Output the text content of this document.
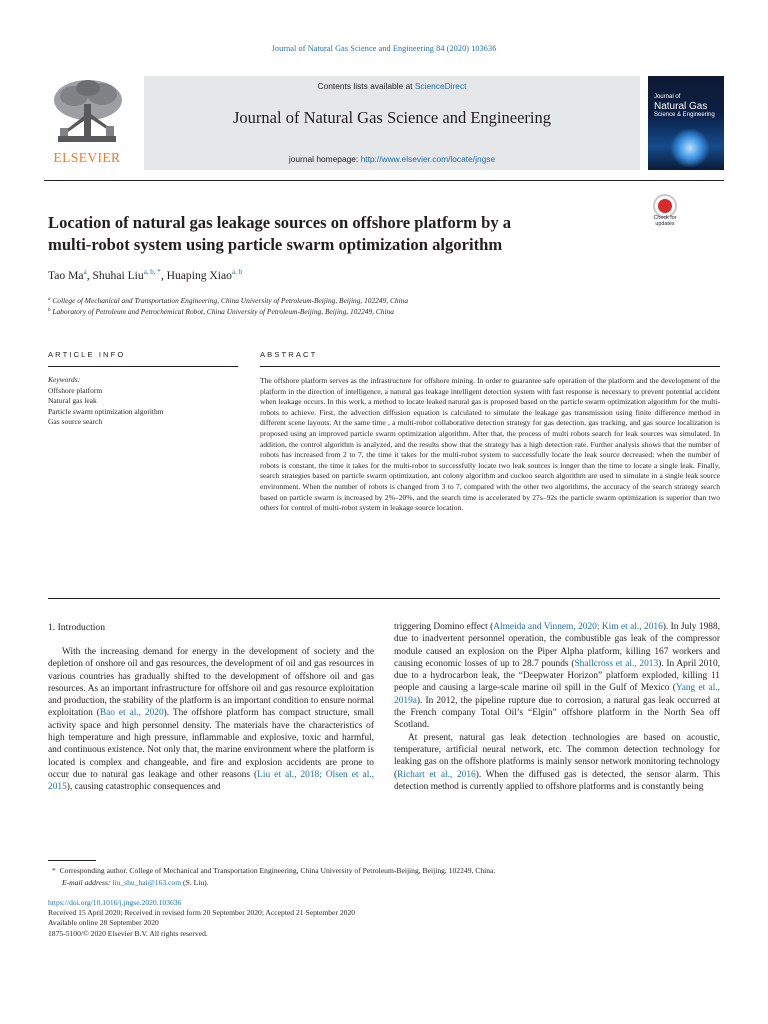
Journal of Natural Gas Science and Engineering 84 (2020) 103636
ELSEVIER
Contents lists available at ScienceDirect
Journal of Natural Gas Science and Engineering
journal homepage: http://www.elsevier.com/locate/jngse
Journal of
Natural Gas
Science & Engineering
Location of natural gas leakage sources on offshore platform by a
multi-robot system using particle swarm optimization algorithm
Check for
updates
Tao Ma$^a$, Shuhai Liu$^{a, b, *}$, Huaping Xiao$^{a, b}$
$^a$ College of Mechanical and Transportation Engineering, China University of Petroleum-Beijing, Beijing, 102249, China
$^b$ Laboratory of Petroleum and Petrochemical Robot, China University of Petroleum-Beijing, Beijing, 102249, China
ARTICLE INFO	ABSTRACT
Keywords:
Offshore platform
Natural gas leak
Particle swarm optimization algorithm
Gas source search
The offshore platform serves as the infrastructure for offshore mining. In order to guarantee safe operation of the platform and the development of the platform in the direction of intelligence, a natural gas leakage intelligent detection system with fast response is necessary to prevent potential accident when leakage occurs. In this work, a method to locate leaked natural gas is proposed based on the particle swarm optimization algorithm for the multi-robots to achieve. First, the advection diffusion equation is calculated to simulate the leakage gas transmission using finite difference method in different scene layouts. At the same time , a multi-robot collaborative detection strategy for gas detection, gas tracking, and gas source localization is proposed using an improved particle swarm optimization algorithm. After that, the process of multi robots search for leak sources was simulated. In addition, the control algorithm is analyzed, and the results show that the strategy has a high detection rate. Further analysis shows that the number of robots has increased from 2 to 7, the time it takes for the multi-robot system to successfully locate the leak source decreased; when the number of robots is constant, the time it takes for the multi-robot to successfully locate two leak sources is longer than the time to locate a single leak. Finally, search strategies based on particle swarm optimization, ant colony algorithm and cuckoo search algorithm are used to simulate in a single leak source environment. When the number of robots is changed from 3 to 7, compared with the other two algorithms, the accuracy of the search strategy search based on particle swarm is increased by 2%–20%, and the search time is accelerated by 27s–92s the particle swarm optimization is superior than two others for control of multi-robot system in leakage source location.
1. Introduction

With the increasing demand for energy in the development of society and the depletion of onshore oil and gas resources, the development of oil and gas resources in various countries has gradually shifted to the development of offshore oil and gas resources. As an important infrastructure for offshore oil and gas resource exploitation and production, the stability of the platform is an important condition to ensure normal exploitation (Bao et al., 2020). The offshore platform has compact structure, small activity space and high personnel density. The materials have the characteristics of high temperature and high pressure, inflammable and explosive, toxic and harmful, and continuous existence. Not only that, the marine environment where the platform is located is complex and changeable, and fire and explosion accidents are prone to occur due to natural gas leakage and other reasons (Liu et al., 2018; Olsen et al., 2015), causing catastrophic consequences and

triggering Domino effect (Almeida and Vinnem, 2020; Kim et al., 2016). In July 1988, due to inadvertent personnel operation, the combustible gas leak of the compressor module caused an explosion on the Piper Alpha platform, killing 167 workers and causing economic losses of up to 28.7 pounds (Shallcross et al., 2013). In April 2010, due to a hydrocarbon leak, the “Deepwater Horizon” platform exploded, killing 11 people and causing a large-scale marine oil spill in the Gulf of Mexico (Yang et al., 2019a). In 2012, the pipeline rupture due to corrosion, a natural gas leak occurred at the French company Total Oil’s “Elgin” offshore platform in the North Sea off Scotland.

At present, natural gas leak detection technologies are based on acoustic, temperature, artificial neural network, etc. The common detection technology for leaking gas on the offshore platforms is mainly sensor network monitoring technology (Richart et al., 2016). When the diffused gas is detected, the sensor alarm. This detection method is currently applied to offshore platforms and is constantly being

* Corresponding author. College of Mechanical and Transportation Engineering, China University of Petroleum-Beijing, Beijing, 102249, China.
E-mail address: liu_shu_hai@163.com (S. Liu).
https://doi.org/10.1016/j.jngse.2020.103636
Received 15 April 2020; Received in revised form 20 September 2020; Accepted 21 September 2020
Available online 28 September 2020
1875-5100/© 2020 Elsevier B.V. All rights reserved.
